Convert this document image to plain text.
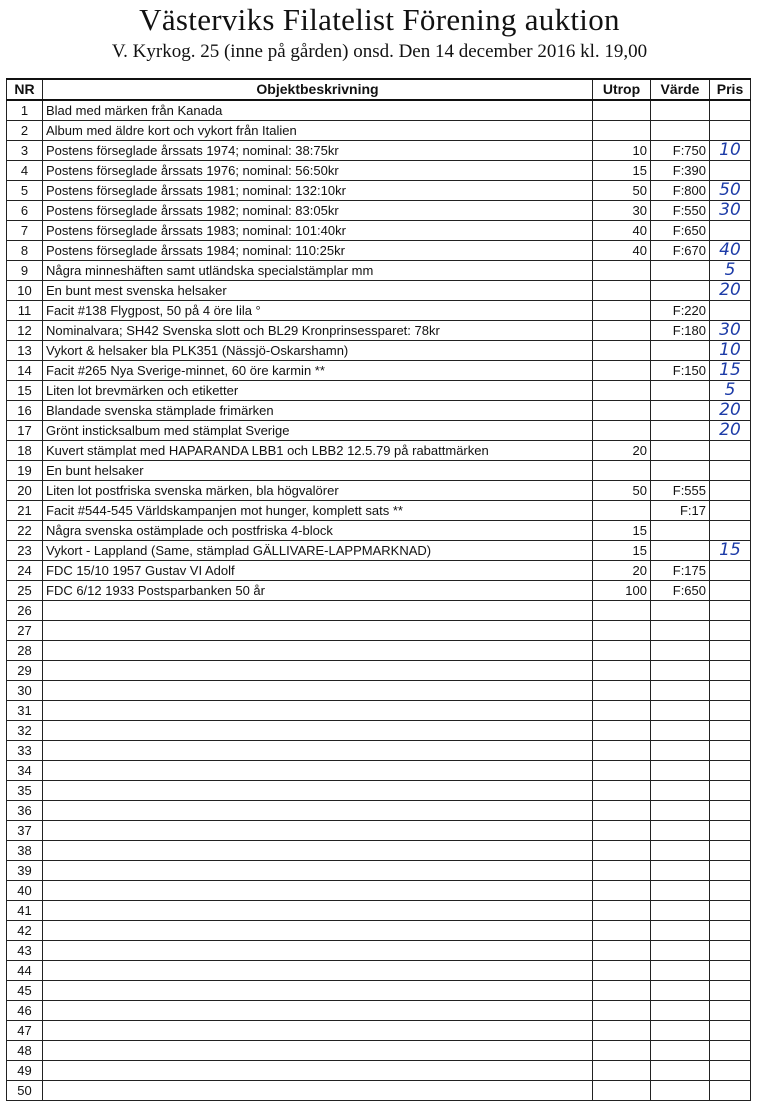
Västerviks Filatelist Förening auktion
V. Kyrkog. 25 (inne på gården) onsd. Den 14 december 2016 kl. 19,00
NR	Objektbeskrivning	Utrop	Värde	Pris
1	Blad med märken från Kanada			
2	Album med äldre kort och vykort från Italien			
3	Postens förseglade årssats 1974; nominal: 38:75kr	10	F:750	10
4	Postens förseglade årssats 1976; nominal: 56:50kr	15	F:390	
5	Postens förseglade årssats 1981; nominal: 132:10kr	50	F:800	50
6	Postens förseglade årssats 1982; nominal: 83:05kr	30	F:550	30
7	Postens förseglade årssats 1983; nominal: 101:40kr	40	F:650	
8	Postens förseglade årssats 1984; nominal: 110:25kr	40	F:670	40
9	Några minneshäften samt utländska specialstämplar mm			5
10	En bunt mest svenska helsaker			20
11	Facit #138 Flygpost, 50 på 4 öre lila °		F:220	
12	Nominalvara; SH42 Svenska slott och BL29 Kronprinsessparet: 78kr		F:180	30
13	Vykort & helsaker bla PLK351 (Nässjö-Oskarshamn)			10
14	Facit #265 Nya Sverige-minnet, 60 öre karmin **		F:150	15
15	Liten lot brevmärken och etiketter			5
16	Blandade svenska stämplade frimärken			20
17	Grönt insticksalbum med stämplat Sverige			20
18	Kuvert stämplat med HAPARANDA LBB1 och LBB2 12.5.79 på rabattmärken	20		
19	En bunt helsaker			
20	Liten lot postfriska svenska märken, bla högvalörer	50	F:555	
21	Facit #544-545 Världskampanjen mot hunger, komplett sats **		F:17	
22	Några svenska ostämplade och postfriska 4-block	15		
23	Vykort - Lappland (Same, stämplad GÄLLIVARE-LAPPMARKNAD)	15		15
24	FDC 15/10 1957 Gustav VI Adolf	20	F:175	
25	FDC 6/12 1933 Postsparbanken 50 år	100	F:650	
26				
27				
28				
29				
30				
31				
32				
33				
34				
35				
36				
37				
38				
39				
40				
41				
42				
43				
44				
45				
46				
47				
48				
49				
50				
